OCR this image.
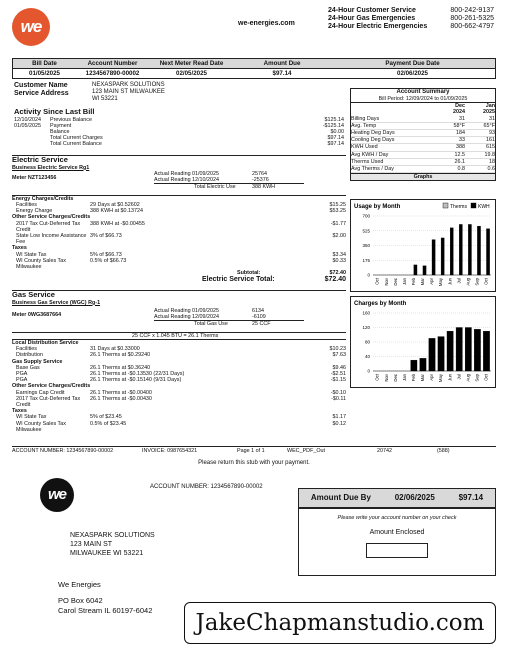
we	we-energies.com
24-Hour Customer Service	800-242-9137
24-Hour Gas Emergencies	800-261-5325
24-Hour Electric Emergencies	800-662-4797
Bill Date	Account Number	Next Meter Read Date	Amount Due	Payment Due Date
01/05/2025	1234567890-00002	02/05/2025	$97.14	02/06/2025
Customer Name
Service Address
NEXASPARK SOLUTIONS
123 MAIN ST MILWAUKEE
WI 53221
Activity Since Last Bill
12/10/2024	Previous Balance	$125.14
01/05/2025	Payment	-$125.14
Balance	$0.00
Total Current Charges	$97.14
Total Current Balance	$97.14
Electric Service
Business Electric Service Rg1
Meter NZT123456
Actual Reading 01/09/2025	25764
Actual Reading 12/10/2024	-25376
Total Electric Use	388 KWH
Energy Charges/Credits
Facilities	29 Days at $0.52602	$15.25
Energy Charge	388 KWH at $0.13724	$53.25
Other Service Charges/Credits
2017 Tax Cut-Deferred Tax Credit
388 KWH at -$0.00455	-$1.77
State Low Income Assistance Fee
3% of $66.73	$2.00
Taxes
WI State Tax	5% of $66.73	$3.34
WI County Sales Tax Milwaukee
0.5% of $66.73	$0.33
Subtotal:	$72.40
Electric Service Total:	$72.40
Gas Service
Business Gas Service (WGC) Rg-1
Meter 0WG3687664
Actual Reading 01/09/2025	6134
Actual Reading 12/09/2024	-6109
Total Gas Use	25 CCF
25 CCF x 1.045 BTU = 26.1 Therms
Local Distribution Service
Facilities	31 Days at $0.33000	$10.23
Distribution	26.1 Therms at $0.29240	$7.63
Gas Supply Service
Base Gas	26.1 Therms at $0.36240	$9.46
PGA	26.1 Therms at -$0.13530 (22/31 Days)	-$2.51
PGA	26.1 Therms at -$0.15140 (9/31 Days)	-$1.15
Other Service Charges/Credits
Earnings Cap Credit	26.1 Therms at -$0.00400	-$0.10
2017 Tax Cut-Deferred Tax Credit
26.1 Therms at -$0.00430	-$0.11
Taxes
WI State Tax	5% of $23.45	$1.17
WI County Sales Tax Milwaukee
0.5% of $23.45	$0.12
ACCOUNT NUMBER: 1234567890-00002	INVOICE: 0987654321	Page 1 of 1	WEC_PDF_Out	20742	(588)
Please return this stub with your payment.
Account Summary
Bill Period: 12/09/2024 to 01/09/2025
Dec
2024
Jan
2025
Billing Days	31	31
Avg. Temp	58°F	65°F
Heating Deg Days	184	93
Cooling Deg Days	33	161
KWH Used	388	615
Avg KWH / Day	12.5	19.8
Therms Used	26.1	18
Avg Therms / Day	0.8	0.6
Graphs
Usage by Month	Therms KWH
0
175
350
525
700
Oct Nov Dec Jan Feb Mar Apr May Jun Jul Aug Sep Oct
Charges by Month
0
40
80
120
160
Oct Nov Dec Jan Feb Mar Apr May Jun Jul Aug Sep Oct
we	ACCOUNT NUMBER: 1234567890-00002
Amount Due By	02/06/2025	$97.14
Please write your account number on your check
Amount Enclosed
NEXASPARK SOLUTIONS
123 MAIN ST
MILWAUKEE WI 53221
We Energies
PO Box 6042
Carol Stream IL 60197-6042	JakeChapmanstudio.com
